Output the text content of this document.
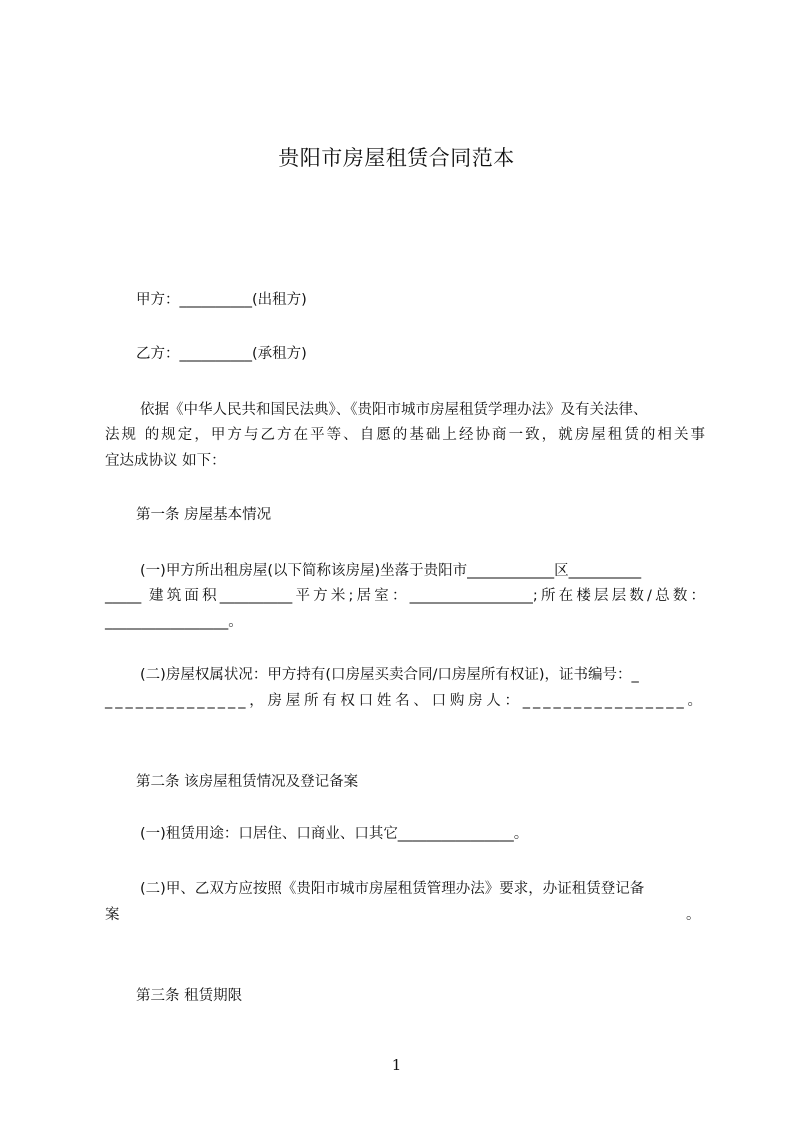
贵阳市房屋租赁合同范本
甲方：__________(出租方)
乙方：__________(承租方)
依据《中华人民共和国民法典》、《贵阳市城市房屋租赁学理办法》及有关法律、
法规 的规定，甲方与乙方在平等、自愿的基础上经协商一致，就房屋租赁的相关事
宜达成协议 如下：
第一条 房屋基本情况
(一)甲方所出租房屋(以下简称该房屋)坐落于贵阳市____________区__________
_____ 建筑面积__________平方米;居室：_________________;所在楼层层数/总数：
_________________。
(二)房屋权属状况：甲方持有(口房屋买卖合同/口房屋所有权证)，证书编号：_
______________，房屋所有权口姓名、口购房人：________________。
第二条 该房屋租赁情况及登记备案
(一)租赁用途：口居住、口商业、口其它________________。
(二)甲、乙双方应按照《贵阳市城市房屋租赁管理办法》要求，办证租赁登记备
案	。
第三条 租赁期限
1
